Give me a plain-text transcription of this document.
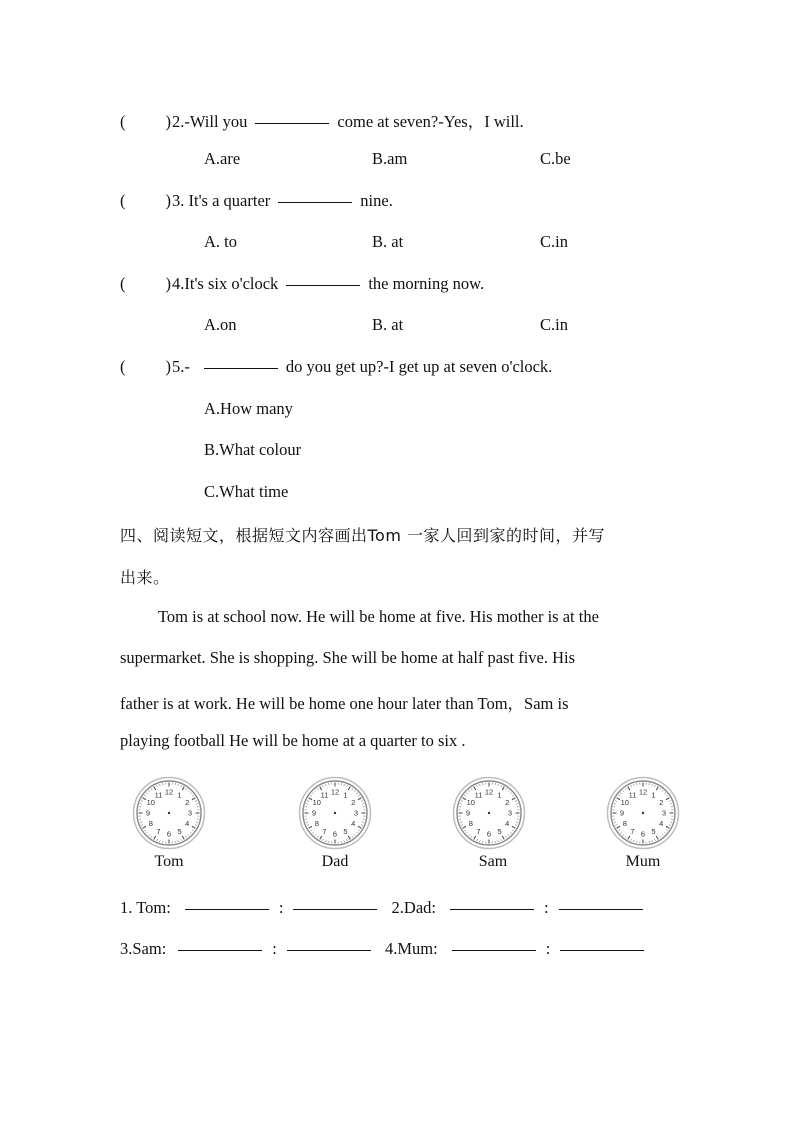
( )2.-Will you	come at seven?-Yes，I will.
A.are	B.am	C.be
( )3. It's a quarter	nine.
A. to	B. at	C.in
( )4.It's six o'clock	the morning now.
A.on	B. at	C.in
( )5.-	do you get up?-I get up at seven o'clock.
A.How many
B.What colour
C.What time
四、阅读短文，根据短文内容画出Tom 一家人回到家的时间，并写
出来。
Tom is at school now. He will be home at five. His mother is at the
supermarket. She is shopping. She will be home at half past five. His
father is at work. He will be home one hour later than Tom，Sam is
playing football He will be home at a quarter to six .
12 1
2
3
4
5
6
7
8
9
10
11	12 1
2
3
4
5
6
7
8
9
10
11	12 1
2
3
4
5
6
7
8
9
10
11	12 1
2
3
4
5
6
7
8
9
10
11
Tom	Dad	Sam	Mum
1. Tom:	:	2.Dad:	:
3.Sam:	:	4.Mum:	:
